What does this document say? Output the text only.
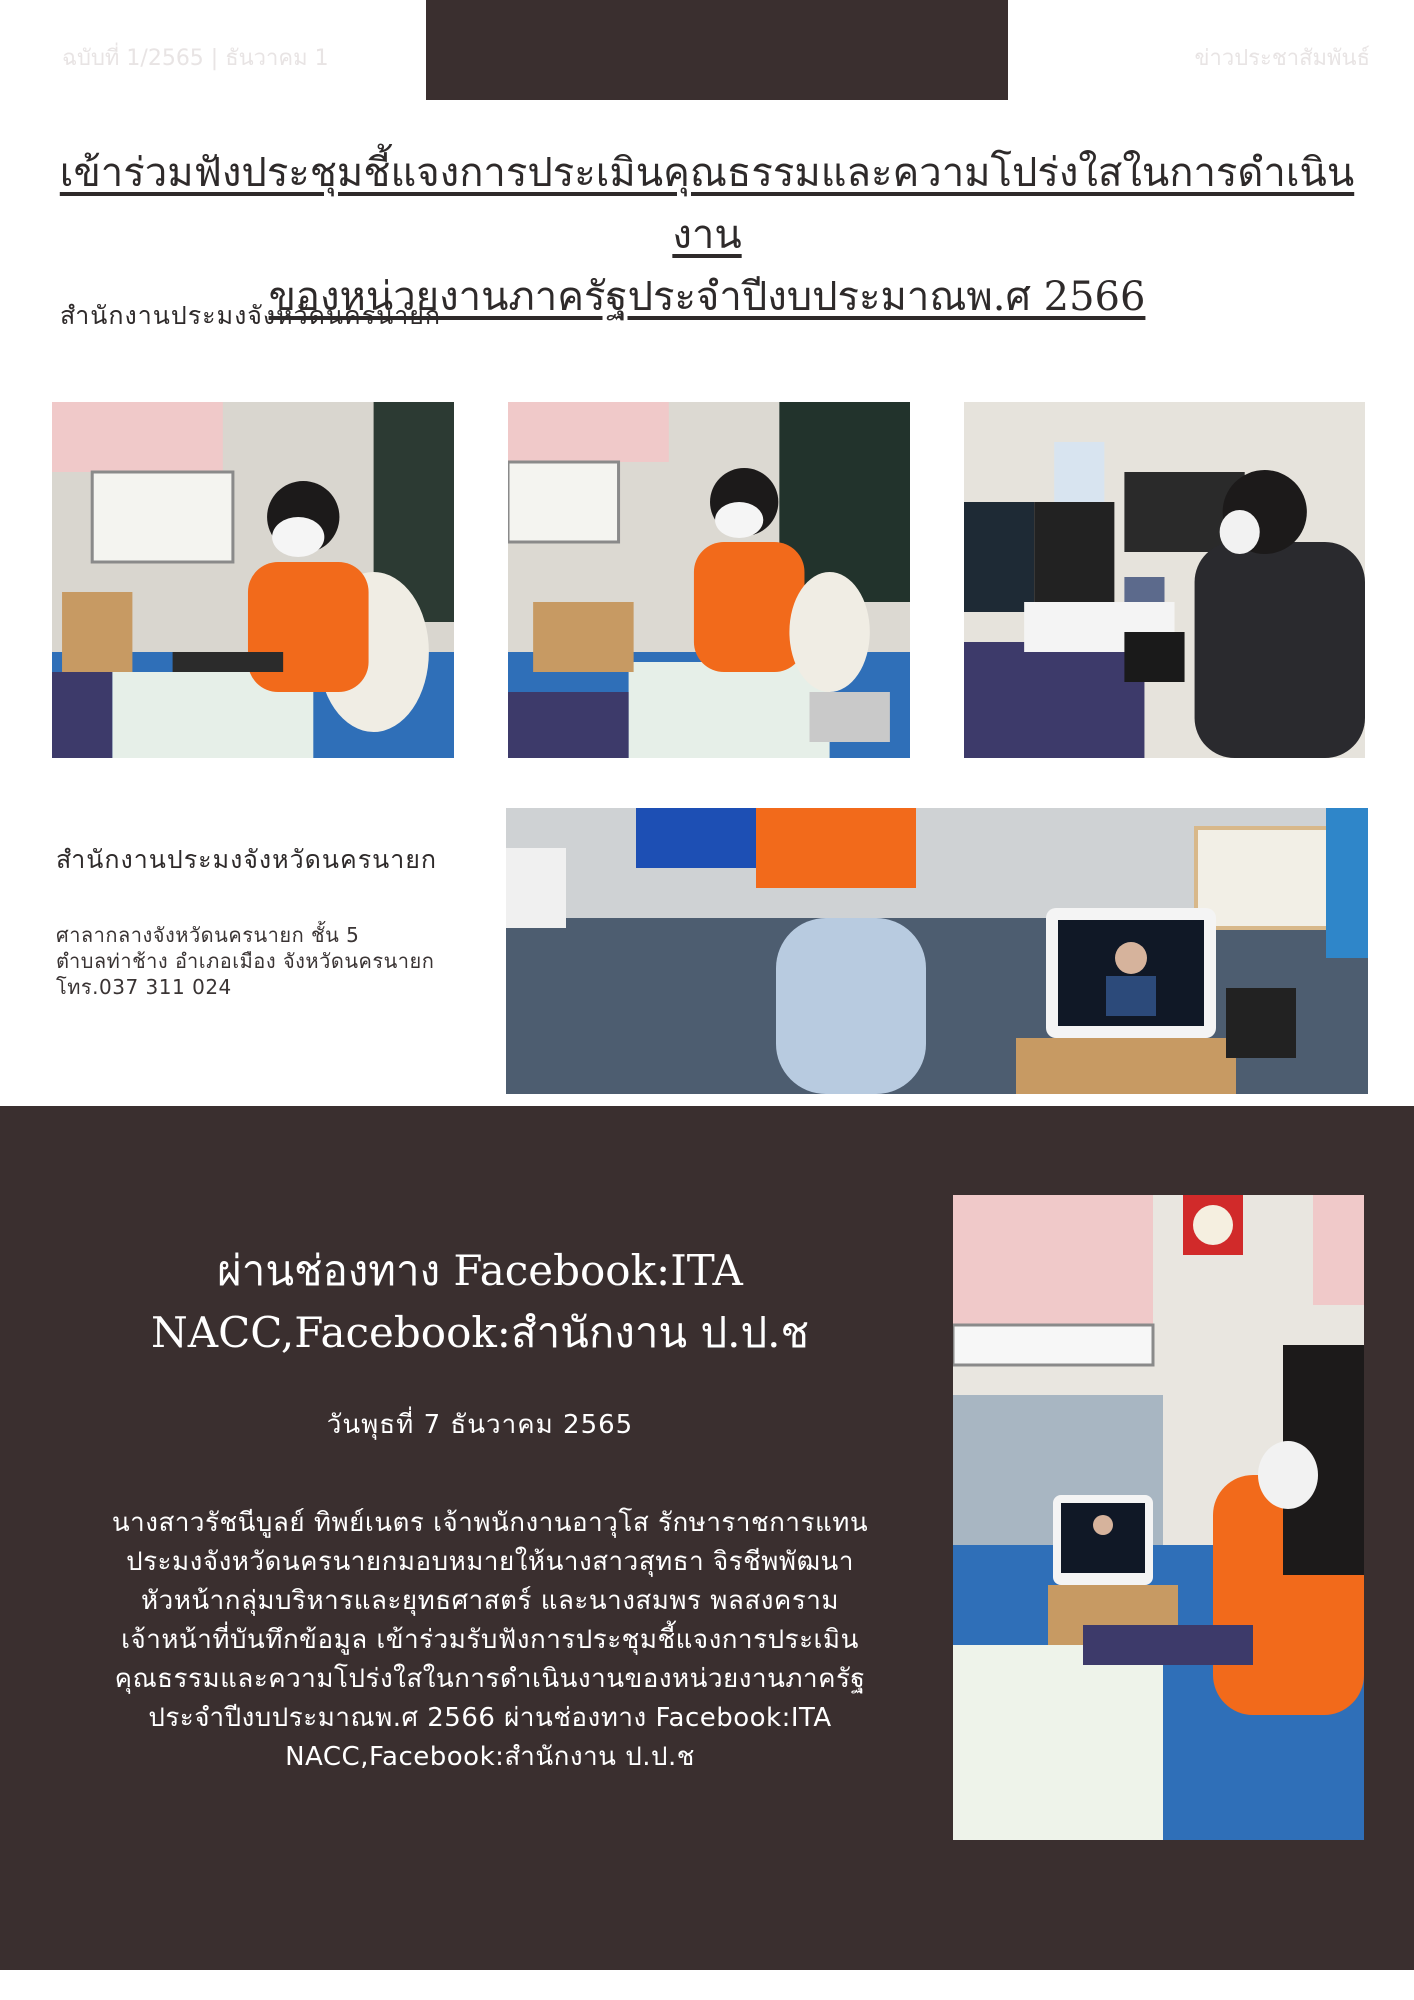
ฉบับที่ 1/2565 | ธันวาคม 1	ข่าวประชาสัมพันธ์
เข้าร่วมฟังประชุมชี้แจงการประเมินคุณธรรมและความโปร่งใสในการดำเนินงาน
ของหน่วยงานภาครัฐประจำปีงบประมาณพ.ศ 2566
สำนักงานประมงจังหวัดนครนายก
สำนักงานประมงจังหวัดนครนายก
ศาลากลางจังหวัดนครนายก ชั้น 5
ตำบลท่าช้าง อำเภอเมือง จังหวัดนครนายก
โทร.037 311 024
ผ่านช่องทาง Facebook:ITA
NACC,Facebook:สำนักงาน ป.ป.ช
วันพุธที่ 7 ธันวาคม 2565
นางสาวรัชนีบูลย์ ทิพย์เนตร เจ้าพนักงานอาวุโส รักษาราชการแทน
ประมงจังหวัดนครนายกมอบหมายให้นางสาวสุทธา จิรชีพพัฒนา
หัวหน้ากลุ่มบริหารและยุทธศาสตร์ และนางสมพร พลสงคราม
เจ้าหน้าที่บันทึกข้อมูล เข้าร่วมรับฟังการประชุมชี้แจงการประเมิน
คุณธรรมและความโปร่งใสในการดำเนินงานของหน่วยงานภาครัฐ
ประจำปีงบประมาณพ.ศ 2566 ผ่านช่องทาง Facebook:ITA
NACC,Facebook:สำนักงาน ป.ป.ช
